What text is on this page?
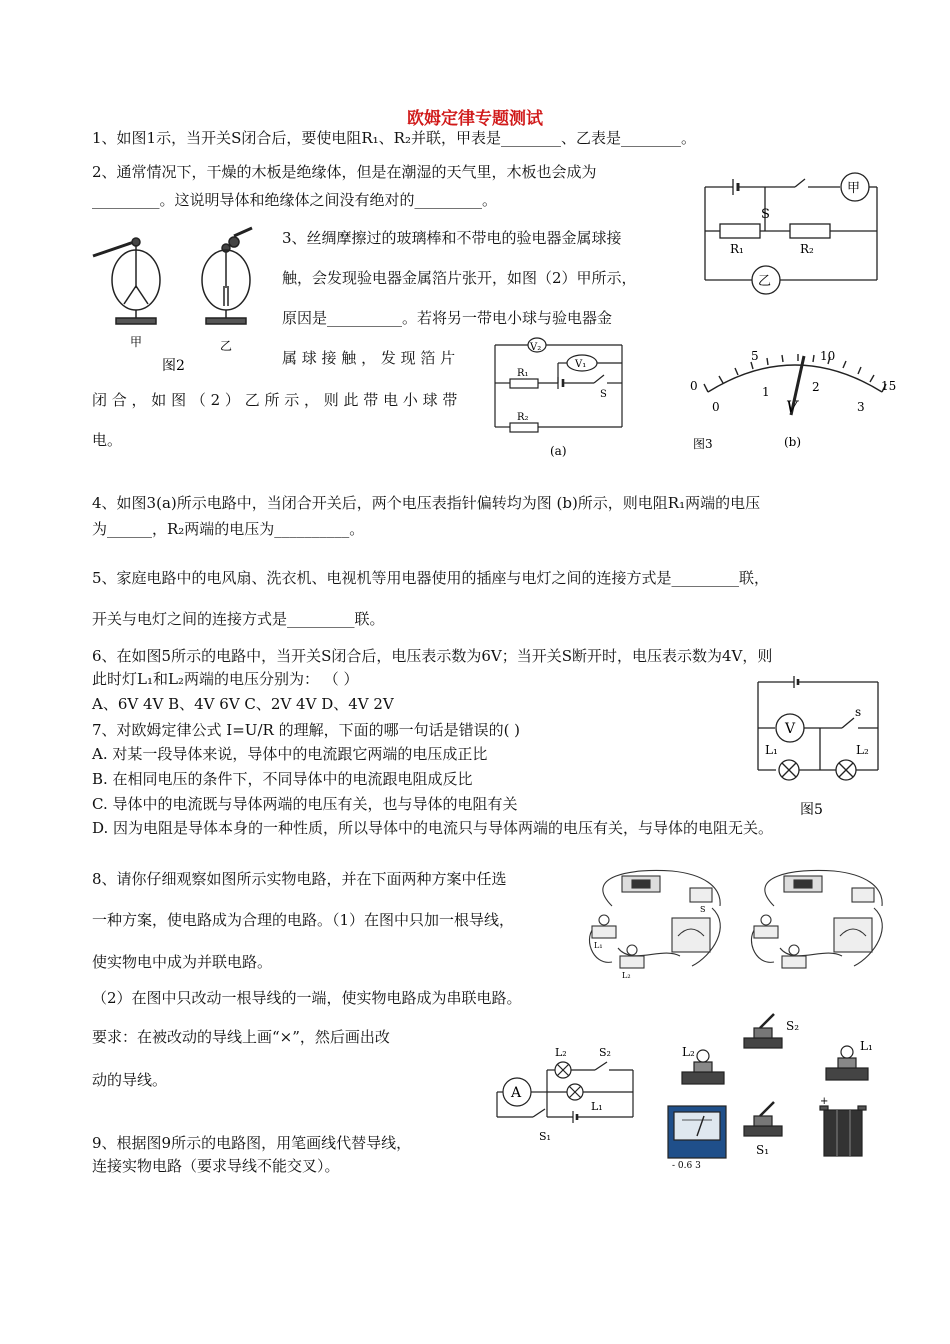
欧姆定律专题测试
1、如图1示，当开关S闭合后，要使电阻R₁、R₂并联，甲表是________、乙表是________。
2、通常情况下，干燥的木板是绝缘体，但是在潮湿的天气里，木板也会成为
_________。这说明导体和绝缘体之间没有绝对的_________。
甲
S
R₁	R₂
乙
甲	乙
图2
3、丝绸摩擦过的玻璃棒和不带电的验电器金属球接
触，会发现验电器金属箔片张开，如图（2）甲所示，
原因是__________。若将另一带电小球与验电器金
属 球 接 触 ， 发 现 箔 片
闭 合 ， 如 图 （ 2 ） 乙 所 示 ， 则 此 带 电 小 球 带
电。
V₂
V₁
R₁
S
R₂
(a)
0
5	10
15
0
1	2
3
V
图3	(b)
4、如图3(a)所示电路中，当闭合开关后，两个电压表指针偏转均为图 (b)所示，则电阻R₁两端的电压
为______，R₂两端的电压为__________。
5、家庭电路中的电风扇、洗衣机、电视机等用电器使用的插座与电灯之间的连接方式是_________联，
开关与电灯之间的连接方式是_________联。
6、在如图5所示的电路中，当开关S闭合后，电压表示数为6V；当开关S断开时，电压表示数为4V，则
此时灯L₁和L₂两端的电压分别为： （ ）
A、6V 4V B、4V 6V C、2V 4V D、4V 2V
7、对欧姆定律公式 I=U/R 的理解，下面的哪一句话是错误的( )
A. 对某一段导体来说，导体中的电流跟它两端的电压成正比
B. 在相同电压的条件下，不同导体中的电流跟电阻成反比
C. 导体中的电流既与导体两端的电压有关，也与导体的电阻有关
D. 因为电阻是导体本身的一种性质，所以导体中的电流只与导体两端的电压有关，与导体的电阻无关。
s
V
L₁	L₂
图5
8、请你仔细观察如图所示实物电路，并在下面两种方案中任选
一种方案，使电路成为合理的电路。（1）在图中只加一根导线，
使实物电中成为并联电路。
（2）在图中只改动一根导线的一端，使实物电路成为串联电路。
要求：在被改动的导线上画“×”，然后画出改
动的导线。
S
L₁
L₂
9、根据图9所示的电路图，用笔画线代替导线，
连接实物电路（要求导线不能交叉）。
A
L₂	S₂
L₁
S₁
+
S₂
L₂	L₁
S₁
- 0.6 3
